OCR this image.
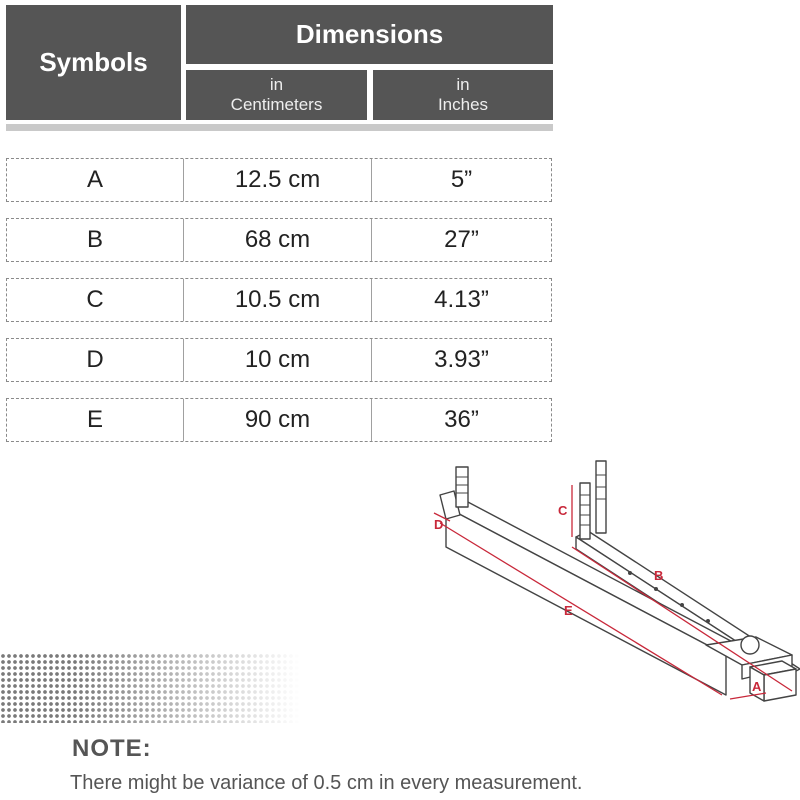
Symbols
Dimensions
in
Centimeters
in
Inches
A	12.5 cm	5”
B	68 cm	27”
C	10.5 cm	4.13”
D	10 cm	3.93”
E	90 cm	36”
D
C
B
E
A
NOTE:
There might be variance of 0.5 cm in every measurement.
